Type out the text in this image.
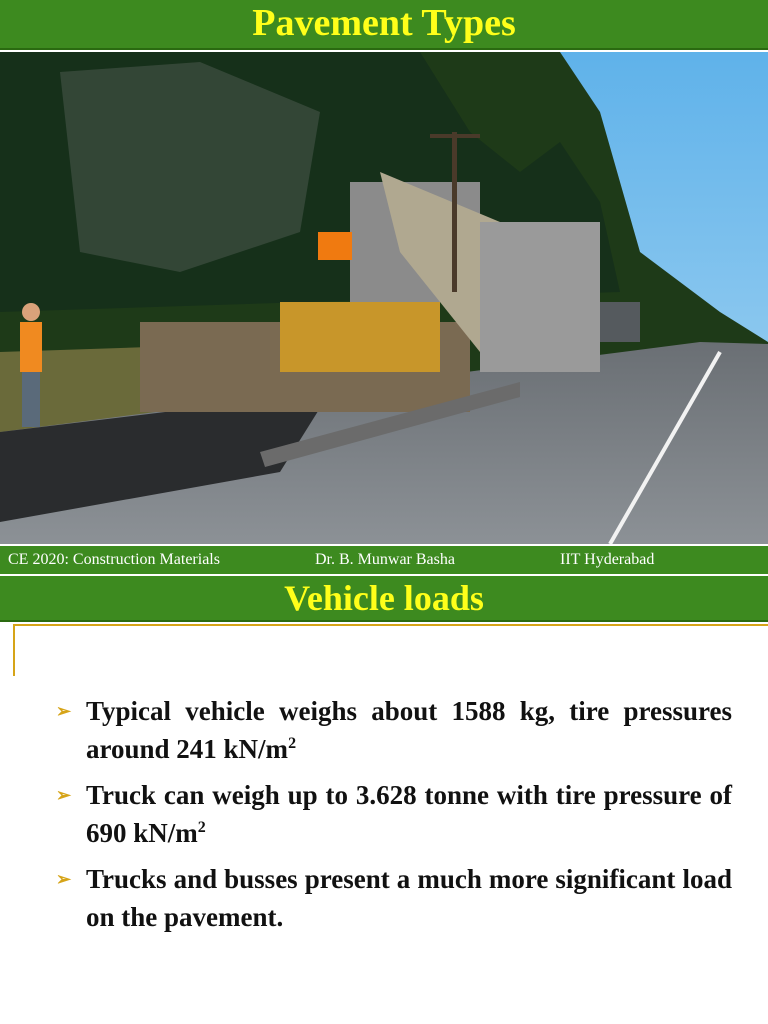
Pavement Types
CE 2020: Construction Materials	Dr. B. Munwar Basha	IIT Hyderabad
Vehicle loads
➢ Typical vehicle weighs about 1588 kg, tire pressures around 241 $kN/m^2$
➢ Truck can weigh up to 3.628 tonne with tire pressure of 690 $kN/m^2$
➢ Trucks and busses present a much more significant load on the pavement.
